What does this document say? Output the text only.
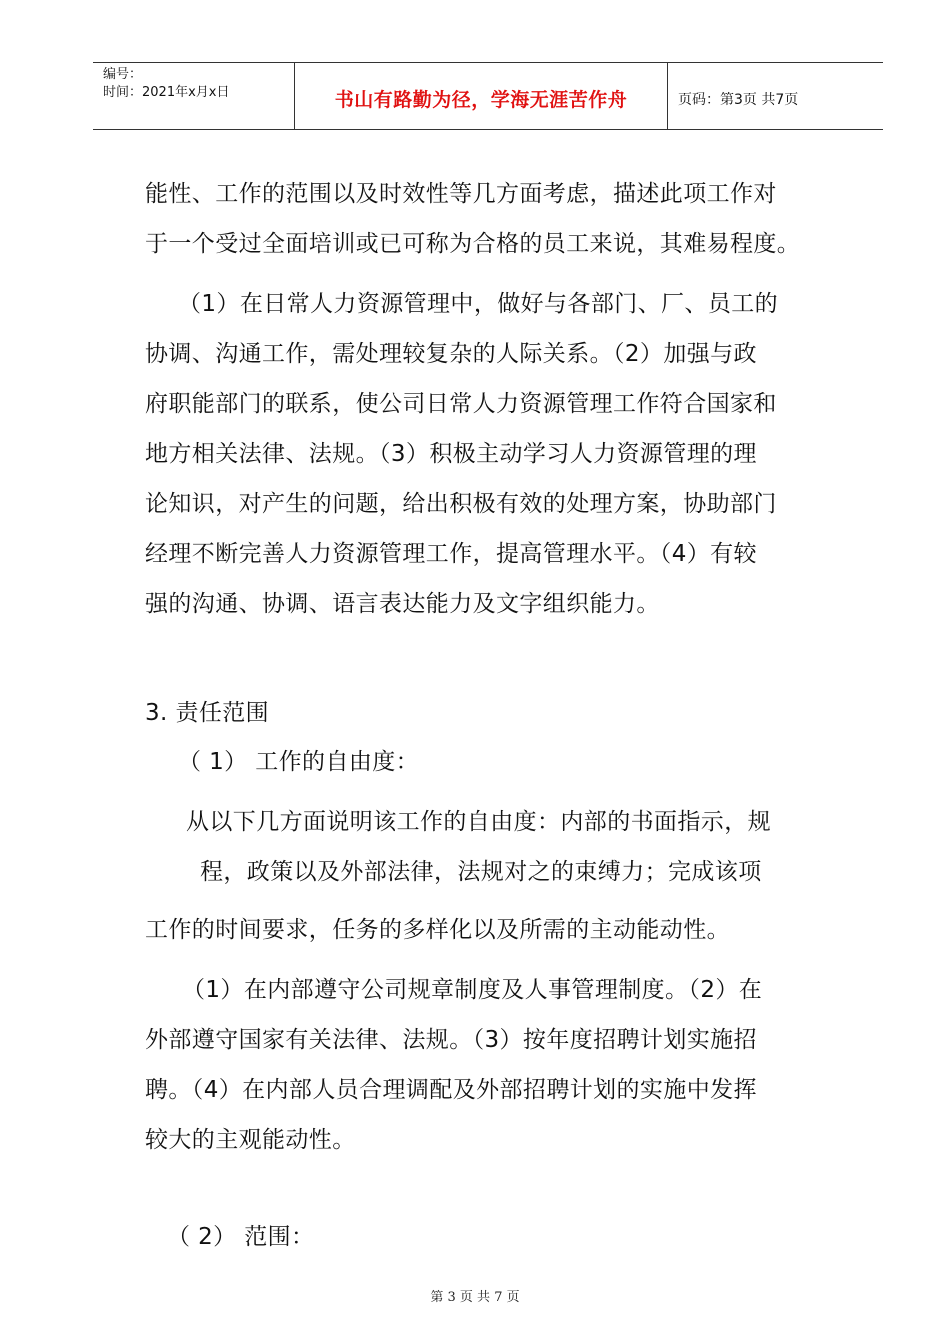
编号：
时间：2021年x月x日	书山有路勤为径，学海无涯苦作舟	页码：第3页 共7页
能性、工作的范围以及时效性等几方面考虑，描述此项工作对
于一个受过全面培训或已可称为合格的员工来说，其难易程度。
（1）在日常人力资源管理中，做好与各部门、厂、员工的
协调、沟通工作，需处理较复杂的人际关系。（2）加强与政
府职能部门的联系，使公司日常人力资源管理工作符合国家和
地方相关法律、法规。（3）积极主动学习人力资源管理的理
论知识，对产生的问题，给出积极有效的处理方案，协助部门
经理不断完善人力资源管理工作，提高管理水平。（4）有较
强的沟通、协调、语言表达能力及文字组织能力。
3. 责任范围
（ 1） 工作的自由度：
从以下几方面说明该工作的自由度：内部的书面指示，规
程，政策以及外部法律，法规对之的束缚力；完成该项
工作的时间要求，任务的多样化以及所需的主动能动性。
（1）在内部遵守公司规章制度及人事管理制度。（2）在
外部遵守国家有关法律、法规。（3）按年度招聘计划实施招
聘。（4）在内部人员合理调配及外部招聘计划的实施中发挥
较大的主观能动性。
（ 2） 范围：
第 3 页 共 7 页
